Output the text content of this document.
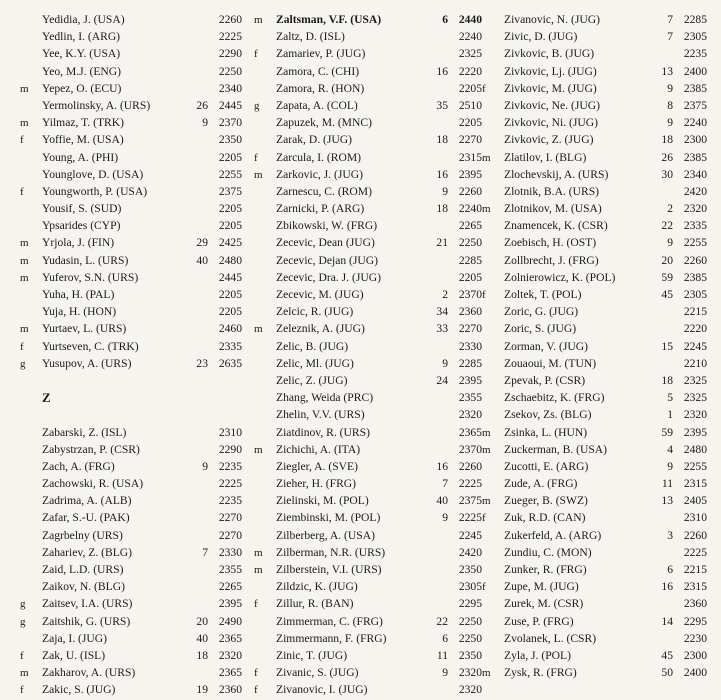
Yedidia, J. (USA)	2260
Yedlin, I. (ARG)	2225
Yee, K.Y. (USA)	2290
Yeo, M.J. (ENG)	2250
m	Yepez, O. (ECU)	2340
Yermolinsky, A. (URS)	26 2445
m	Yilmaz, T. (TRK)	9 2370
f	Yoffie, M. (USA)	2350
Young, A. (PHI)	2205
Younglove, D. (USA)	2255
f	Youngworth, P. (USA)	2375
Yousif, S. (SUD)	2205
Ypsarides (CYP)	2205
m	Yrjola, J. (FIN)	29 2425
m	Yudasin, L. (URS)	40 2480
m	Yuferov, S.N. (URS)	2445
Yuha, H. (PAL)	2205
Yuja, H. (HON)	2205
m	Yurtaev, L. (URS)	2460
f	Yurtseven, C. (TRK)	2335
g	Yusupov, A. (URS)	23 2635
Z
Zabarski, Z. (ISL)	2310
Zabystrzan, P. (CSR)	2290
Zach, A. (FRG)	9 2235
Zachowski, R. (USA)	2225
Zadrima, A. (ALB)	2235
Zafar, S.-U. (PAK)	2270
Zagrbelny (URS)	2270
Zahariev, Z. (BLG)	7 2330
Zaid, L.D. (URS)	2355
Zaikov, N. (BLG)	2265
g	Zaitsev, I.A. (URS)	2395
g	Zaitshik, G. (URS)	20 2490
Zaja, I. (JUG)	40 2365
f	Zak, U. (ISL)	18 2320
m	Zakharov, A. (URS)	2365
f	Zakic, S. (JUG)	19 2360
m	Zaltsman, V.F. (USA)	6 2440
Zaltz, D. (ISL)	2240
f	Zamariev, P. (JUG)	2325
Zamora, C. (CHI)	16 2220
Zamora, R. (HON)	2205
g	Zapata, A. (COL)	35 2510
Zapuzek, M. (MNC)	2205
Zarak, D. (JUG)	18 2270
f	Zarcula, I. (ROM)	2315
m	Zarkovic, J. (JUG)	16 2395
Zarnescu, C. (ROM)	9 2260
Zarnicki, P. (ARG)	18 2240
Zbikowski, W. (FRG)	2265
Zecevic, Dean (JUG)	21 2250
Zecevic, Dejan (JUG)	2285
Zecevic, Dra. J. (JUG)	2205
Zecevic, M. (JUG)	2 2370
Zelcic, R. (JUG)	34 2360
m	Zeleznik, A. (JUG)	33 2270
Zelic, B. (JUG)	2330
Zelic, Ml. (JUG)	9 2285
Zelic, Z. (JUG)	24 2395
Zhang, Weida (PRC)	2355
Zhelin, V.V. (URS)	2320
Ziatdinov, R. (URS)	2365
m	Zichichi, A. (ITA)	2370
Ziegler, A. (SVE)	16 2260
Zieher, H. (FRG)	7 2225
Zielinski, M. (POL)	40 2375
Ziembinski, M. (POL)	9 2225
Zilberberg, A. (USA)	2245
m	Zilberman, N.R. (URS)	2420
m	Zilberstein, V.I. (URS)	2350
Zildzic, K. (JUG)	2305
f	Zillur, R. (BAN)	2295
Zimmerman, C. (FRG)	22 2250
Zimmermann, F. (FRG)	6 2250
Zinic, T. (JUG)	11 2350
f	Zivanic, S. (JUG)	9 2320
f	Zivanovic, I. (JUG)	2320
Zivanovic, N. (JUG)	7 2285
Zivic, D. (JUG)	7 2305
Zivkovic, B. (JUG)	2235
Zivkovic, Lj. (JUG)	13 2400
f	Zivkovic, M. (JUG)	9 2385
Zivkovic, Ne. (JUG)	8 2375
Zivkovic, Ni. (JUG)	9 2240
Zivkovic, Z. (JUG)	18 2300
m	Zlatilov, I. (BLG)	26 2385
Zlochevskij, A. (URS)	30 2340
Zlotnik, B.A. (URS)	2420
m	Zlotnikov, M. (USA)	2 2320
Znamencek, K. (CSR)	22 2335
Zoebisch, H. (OST)	9 2255
Zollbrecht, J. (FRG)	20 2260
Zolnierowicz, K. (POL)	59 2385
f	Zoltek, T. (POL)	45 2305
Zoric, G. (JUG)	2215
Zoric, S. (JUG)	2220
Zorman, V. (JUG)	15 2245
Zouaoui, M. (TUN)	2210
Zpevak, P. (CSR)	18 2325
Zschaebitz, K. (FRG)	5 2325
Zsekov, Zs. (BLG)	1 2320
m	Zsinka, L. (HUN)	59 2395
m	Zuckerman, B. (USA)	4 2480
Zucotti, E. (ARG)	9 2255
Zude, A. (FRG)	11 2315
m	Zueger, B. (SWZ)	13 2405
f	Zuk, R.D. (CAN)	2310
Zukerfeld, A. (ARG)	3 2260
Zundiu, C. (MON)	2225
Zunker, R. (FRG)	6 2215
f	Zupe, M. (JUG)	16 2315
Zurek, M. (CSR)	2360
Zuse, P. (FRG)	14 2295
Zvolanek, L. (CSR)	2230
Zyla, J. (POL)	45 2300
m	Zysk, R. (FRG)	50 2400
